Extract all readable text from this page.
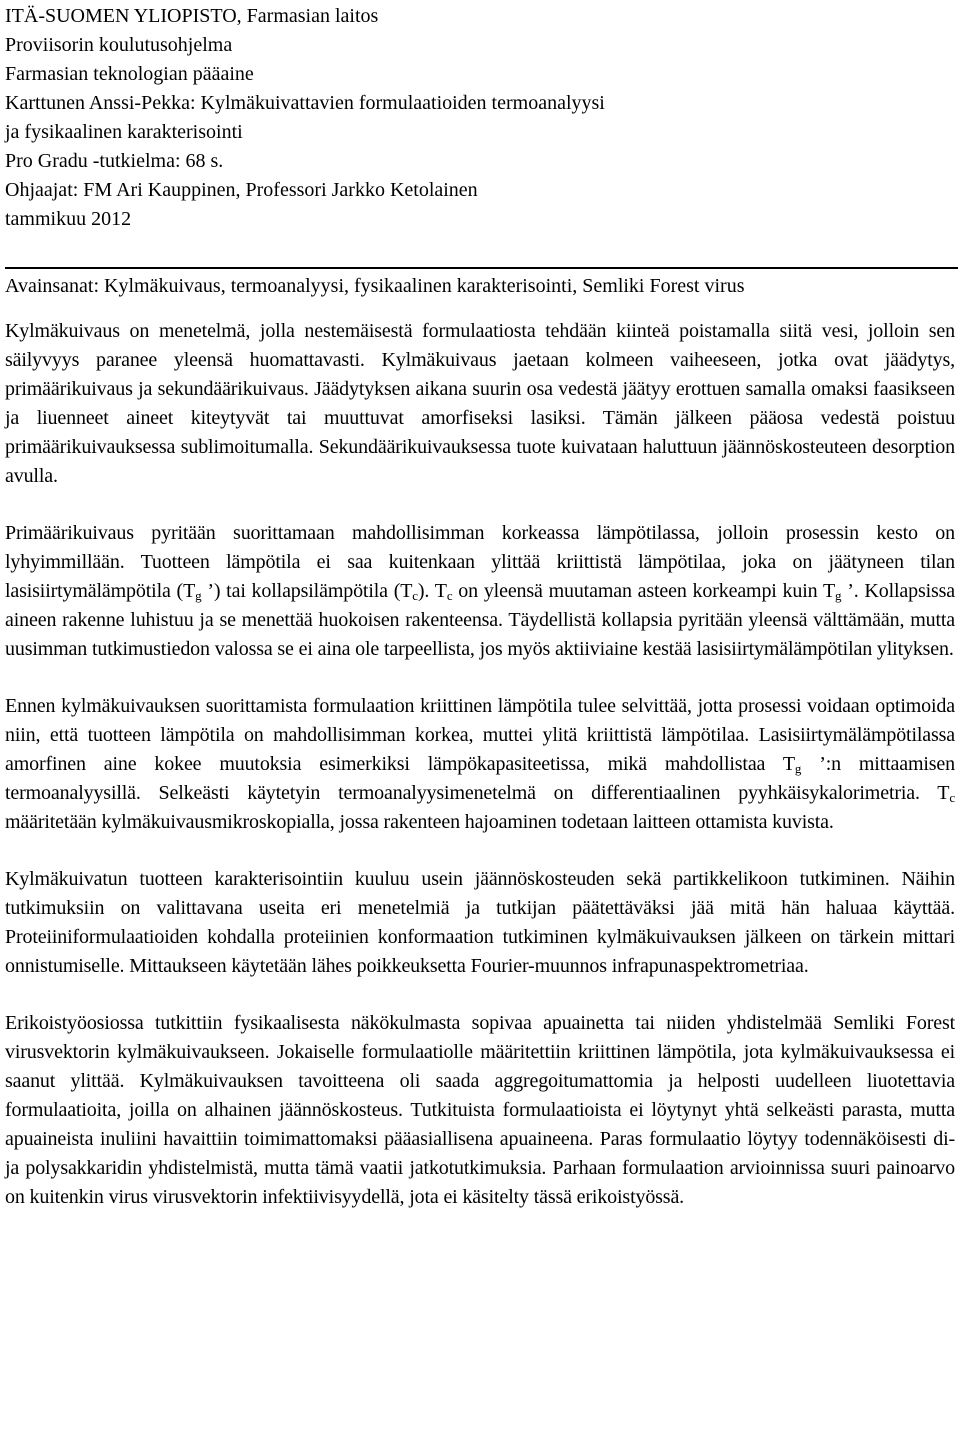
ITÄ-SUOMEN YLIOPISTO, Farmasian laitos
Proviisorin koulutusohjelma
Farmasian teknologian pääaine
Karttunen Anssi-Pekka: Kylmäkuivattavien formulaatioiden termoanalyysi
ja fysikaalinen karakterisointi
Pro Gradu -tutkielma: 68 s.
Ohjaajat: FM Ari Kauppinen, Professori Jarkko Ketolainen
tammikuu 2012
Avainsanat: Kylmäkuivaus, termoanalyysi, fysikaalinen karakterisointi, Semliki Forest virus

Kylmäkuivaus on menetelmä, jolla nestemäisestä formulaatiosta tehdään kiinteä poistamalla siitä vesi, jolloin sen säilyvyys paranee yleensä huomattavasti. Kylmäkuivaus jaetaan kolmeen vaiheeseen, jotka ovat jäädytys, primäärikuivaus ja sekundäärikuivaus. Jäädytyksen aikana suurin osa vedestä jäätyy erottuen samalla omaksi faasikseen ja liuenneet aineet kiteytyvät tai muuttuvat amorfiseksi lasiksi. Tämän jälkeen pääosa vedestä poistuu primäärikuivauksessa sublimoitumalla. Sekundäärikuivauksessa tuote kuivataan haluttuun jäännöskosteuteen desorption avulla.

Primäärikuivaus pyritään suorittamaan mahdollisimman korkeassa lämpötilassa, jolloin prosessin kesto on lyhyimmillään. Tuotteen lämpötila ei saa kuitenkaan ylittää kriittistä lämpötilaa, joka on jäätyneen tilan lasisiirtymälämpötila ($T_g$ ’) tai kollapsilämpötila $(T_c)$. $T_c$ on yleensä muutaman asteen korkeampi kuin $T_g$ ’. Kollapsissa aineen rakenne luhistuu ja se menettää huokoisen rakenteensa. Täydellistä kollapsia pyritään yleensä välttämään, mutta uusimman tutkimustiedon valossa se ei aina ole tarpeellista, jos myös aktiiviaine kestää lasisiirtymälämpötilan ylityksen.

Ennen kylmäkuivauksen suorittamista formulaation kriittinen lämpötila tulee selvittää, jotta prosessi voidaan optimoida niin, että tuotteen lämpötila on mahdollisimman korkea, muttei ylitä kriittistä lämpötilaa. Lasisiirtymälämpötilassa amorfinen aine kokee muutoksia esimerkiksi lämpökapasiteetissa, mikä mahdollistaa $T_g$ ’:n mittaamisen termoanalyysillä. Selkeästi käytetyin termoanalyysimenetelmä on differentiaalinen pyyhkäisykalorimetria. $T_c$ määritetään kylmäkuivausmikroskopialla, jossa rakenteen hajoaminen todetaan laitteen ottamista kuvista.

Kylmäkuivatun tuotteen karakterisointiin kuuluu usein jäännöskosteuden sekä partikkelikoon tutkiminen. Näihin tutkimuksiin on valittavana useita eri menetelmiä ja tutkijan päätettäväksi jää mitä hän haluaa käyttää. Proteiiniformulaatioiden kohdalla proteiinien konformaation tutkiminen kylmäkuivauksen jälkeen on tärkein mittari onnistumiselle. Mittaukseen käytetään lähes poikkeuksetta Fourier-muunnos infrapunaspektrometriaa.

Erikoistyöosiossa tutkittiin fysikaalisesta näkökulmasta sopivaa apuainetta tai niiden yhdistelmää Semliki Forest virusvektorin kylmäkuivaukseen. Jokaiselle formulaatiolle määritettiin kriittinen lämpötila, jota kylmäkuivauksessa ei saanut ylittää. Kylmäkuivauksen tavoitteena oli saada aggregoitumattomia ja helposti uudelleen liuotettavia formulaatioita, joilla on alhainen jäännöskosteus. Tutkituista formulaatioista ei löytynyt yhtä selkeästi parasta, mutta apuaineista inuliini havaittiin toimimattomaksi pääasiallisena apuaineena. Paras formulaatio löytyy todennäköisesti di- ja polysakkaridin yhdistelmistä, mutta tämä vaatii jatkotutkimuksia. Parhaan formulaation arvioinnissa suuri painoarvo on kuitenkin virus virusvektorin infektiivisyydellä, jota ei käsitelty tässä erikoistyössä.
